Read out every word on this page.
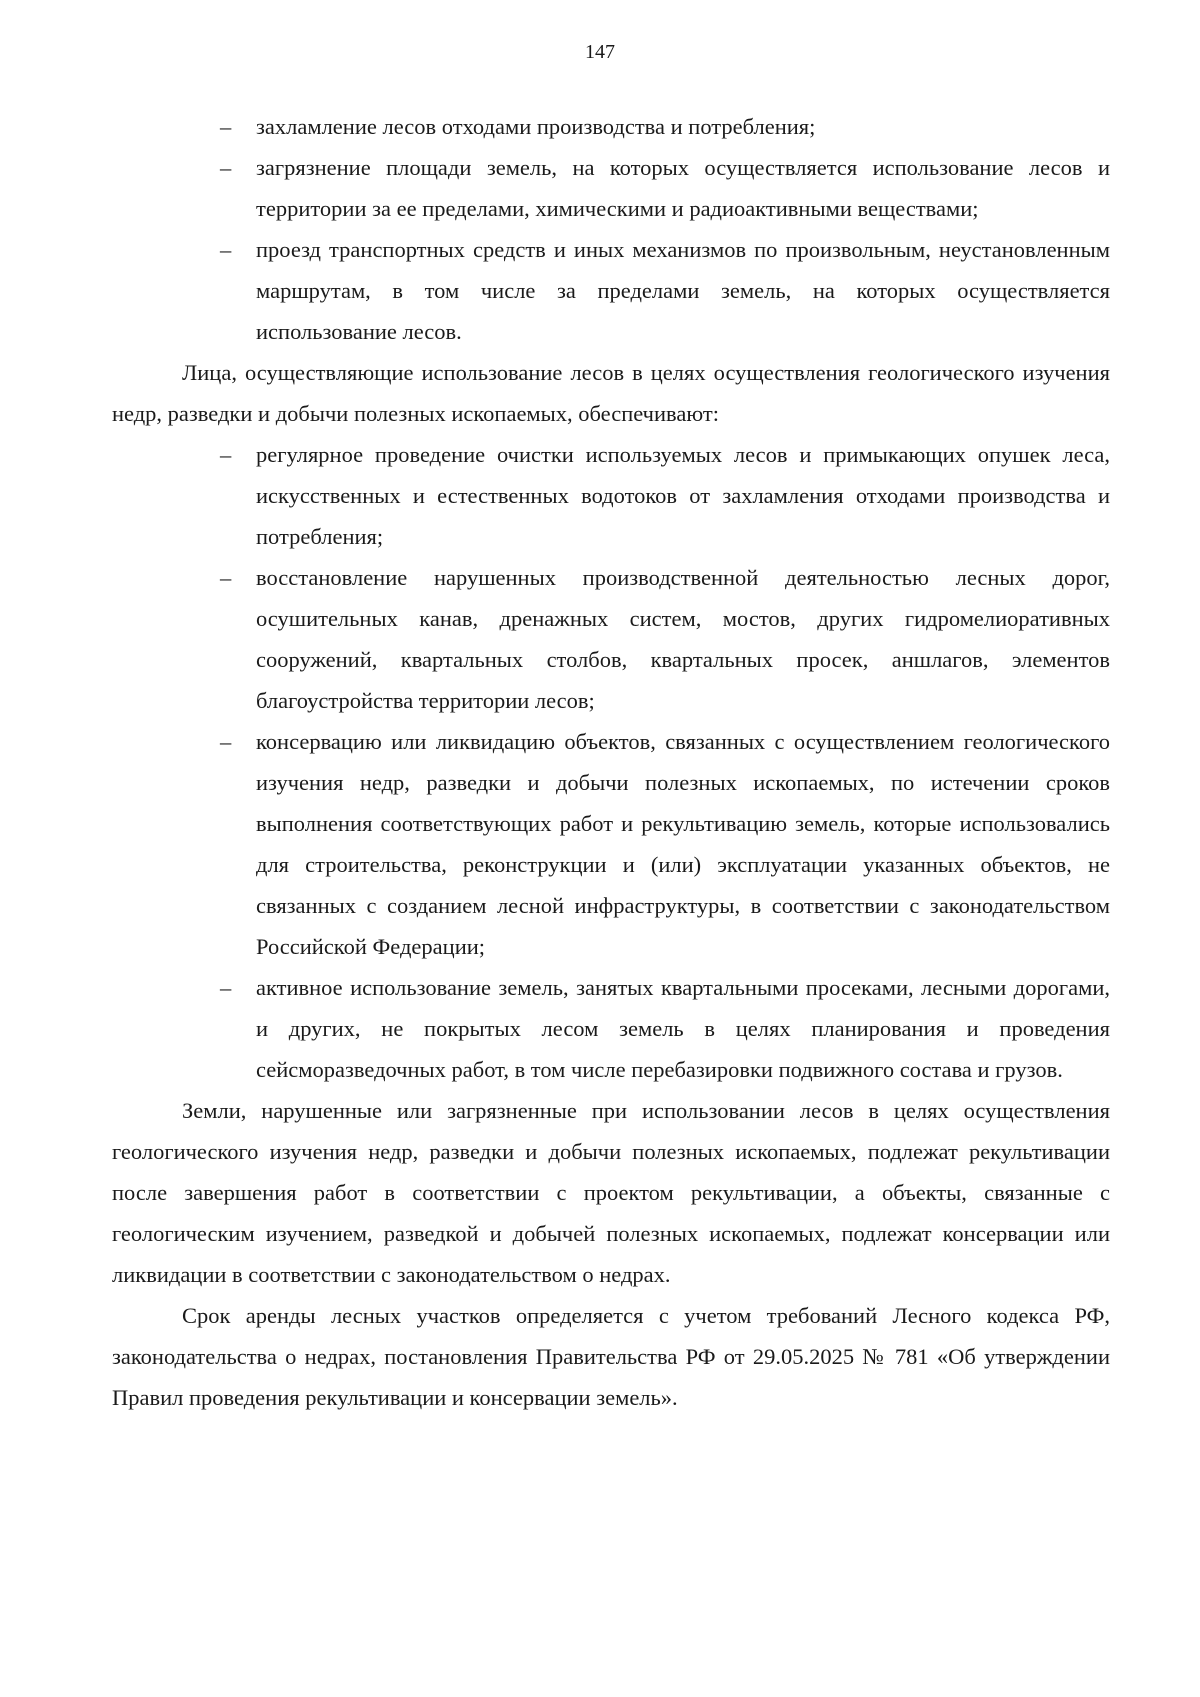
147
– захламление лесов отходами производства и потребления;
– загрязнение площади земель, на которых осуществляется использование лесов и территории за ее пределами, химическими и радиоактивными веществами;
– проезд транспортных средств и иных механизмов по произвольным, неустановленным маршрутам, в том числе за пределами земель, на которых осуществляется использование лесов.

Лица, осуществляющие использование лесов в целях осуществления геологического изучения недр, разведки и добычи полезных ископаемых, обеспечивают:

– регулярное проведение очистки используемых лесов и примыкающих опушек леса, искусственных и естественных водотоков от захламления отходами производства и потребления;
– восстановление нарушенных производственной деятельностью лесных дорог, осушительных канав, дренажных систем, мостов, других гидромелиоративных сооружений, квартальных столбов, квартальных просек, аншлагов, элементов благоустройства территории лесов;
– консервацию или ликвидацию объектов, связанных с осуществлением геологического изучения недр, разведки и добычи полезных ископаемых, по истечении сроков выполнения соответствующих работ и рекультивацию земель, которые использовались для строительства, реконструкции и (или) эксплуатации указанных объектов, не связанных с созданием лесной инфраструктуры, в соответствии с законодательством Российской Федерации;
– активное использование земель, занятых квартальными просеками, лесными дорогами, и других, не покрытых лесом земель в целях планирования и проведения сейсморазведочных работ, в том числе перебазировки подвижного состава и грузов.

Земли, нарушенные или загрязненные при использовании лесов в целях осуществления геологического изучения недр, разведки и добычи полезных ископаемых, подлежат рекультивации после завершения работ в соответствии с проектом рекультивации, а объекты, связанные с геологическим изучением, разведкой и добычей полезных ископаемых, подлежат консервации или ликвидации в соответствии с законодательством о недрах.

Срок аренды лесных участков определяется с учетом требований Лесного кодекса РФ, законодательства о недрах, постановления Правительства РФ от 29.05.2025 № 781 «Об утверждении Правил проведения рекультивации и консервации земель».
